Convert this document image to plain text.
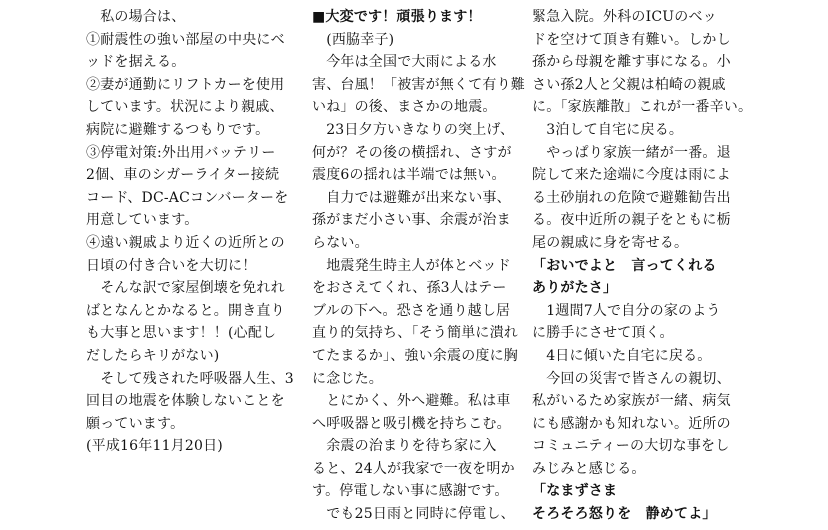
　私の場合は、
①耐震性の強い部屋の中央にベ
ッドを据える。
②妻が通勤にリフトカーを使用
しています。状況により親戚、
病院に避難するつもりです。
③停電対策:外出用バッテリー
2個、車のシガーライター接続
コード、DC-ACコンバーターを
用意しています。
④遠い親戚より近くの近所との
日頃の付き合いを大切に！
　そんな訳で家屋倒壊を免れれ
ばとなんとかなると。開き直り
も大事と思います！！(心配し
だしたらキリがない)
　そして残された呼吸器人生、3
回目の地震を体験しないことを
願っています。
(平成16年11月20日)
■大変です！頑張ります！
　(西脇幸子)
　今年は全国で大雨による水
害、台風！「被害が無くて有り難
いね」の後、まさかの地震。
　23日夕方いきなりの突上げ、
何が？その後の横揺れ、さすが
震度6の揺れは半端では無い。
　自力では避難が出来ない事、
孫がまだ小さい事、余震が治ま
らない。
　地震発生時主人が体とベッド
をおさえてくれ、孫3人はテー
ブルの下へ。恐さを通り越し居
直り的気持ち、「そう簡単に潰れ
てたまるか」、強い余震の度に胸
に念じた。
　とにかく、外へ避難。私は車
へ呼吸器と吸引機を持ちこむ。
　余震の治まりを待ち家に入
ると、24人が我家で一夜を明か
す。停電しない事に感謝です。
　でも25日雨と同時に停電し、
緊急入院。外科のICUのベッ
ドを空けて頂き有難い。しかし
孫から母親を離す事になる。小
さい孫2人と父親は柏崎の親戚
に。「家族離散」これが一番辛い。
　3泊して自宅に戻る。
　やっぱり家族一緒が一番。退
院して来た途端に今度は雨によ
る土砂崩れの危険で避難勧告出
る。夜中近所の親子をともに栃
尾の親戚に身を寄せる。
「おいでよと　言ってくれる
ありがたさ」
　1週間7人で自分の家のよう
に勝手にさせて頂く。
　4日に傾いた自宅に戻る。
　今回の災害で皆さんの親切、
私がいるため家族が一緒、病気
にも感謝かも知れない。近所の
コミュニティーの大切な事をし
みじみと感じる。
「なまずさま
そろそろ怒りを　静めてよ」
